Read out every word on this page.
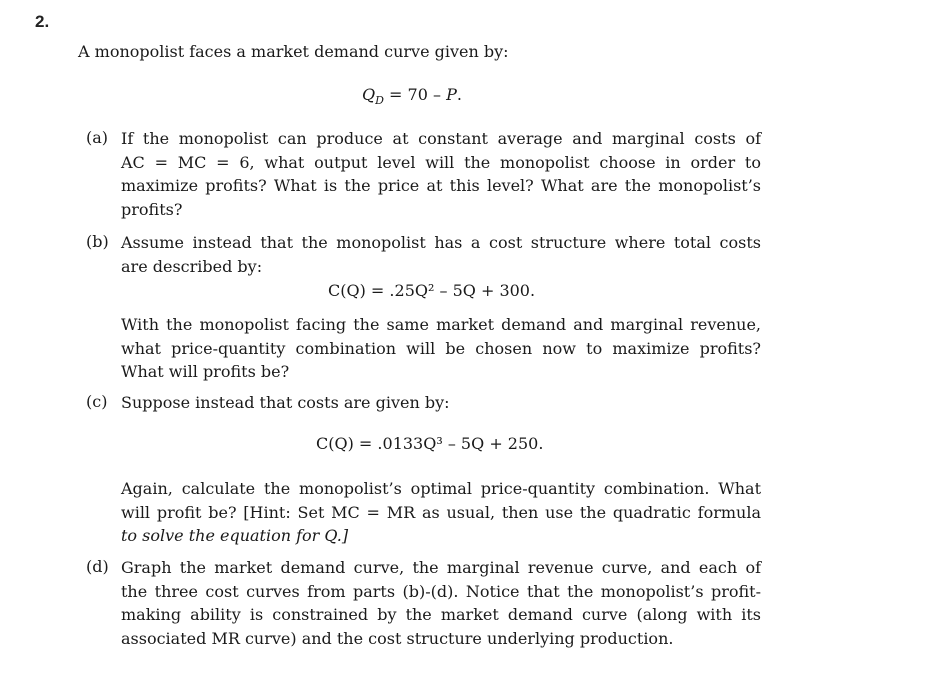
2.
A monopolist faces a market demand curve given by:
$Q_D = 70 - P$.
(a) If the monopolist can produce at constant average and marginal costs of
AC = MC = 6, what output level will the monopolist choose in order to
maximize profits? What is the price at this level? What are the monopolist’s
profits?
(b) Assume instead that the monopolist has a cost structure where total costs
are described by:
C(Q) = .25Q² – 5Q + 300.
With the monopolist facing the same market demand and marginal revenue,
what price-quantity combination will be chosen now to maximize profits?
What will profits be?
(c) Suppose instead that costs are given by:
C(Q) = .0133Q³ – 5Q + 250.
Again, calculate the monopolist’s optimal price-quantity combination. What
will profit be? [Hint: Set MC = MR as usual, then use the quadratic formula
to solve the equation for Q.]
(d) Graph the market demand curve, the marginal revenue curve, and each of
the three cost curves from parts (b)-(d). Notice that the monopolist’s profit-
making ability is constrained by the market demand curve (along with its
associated MR curve) and the cost structure underlying production.
